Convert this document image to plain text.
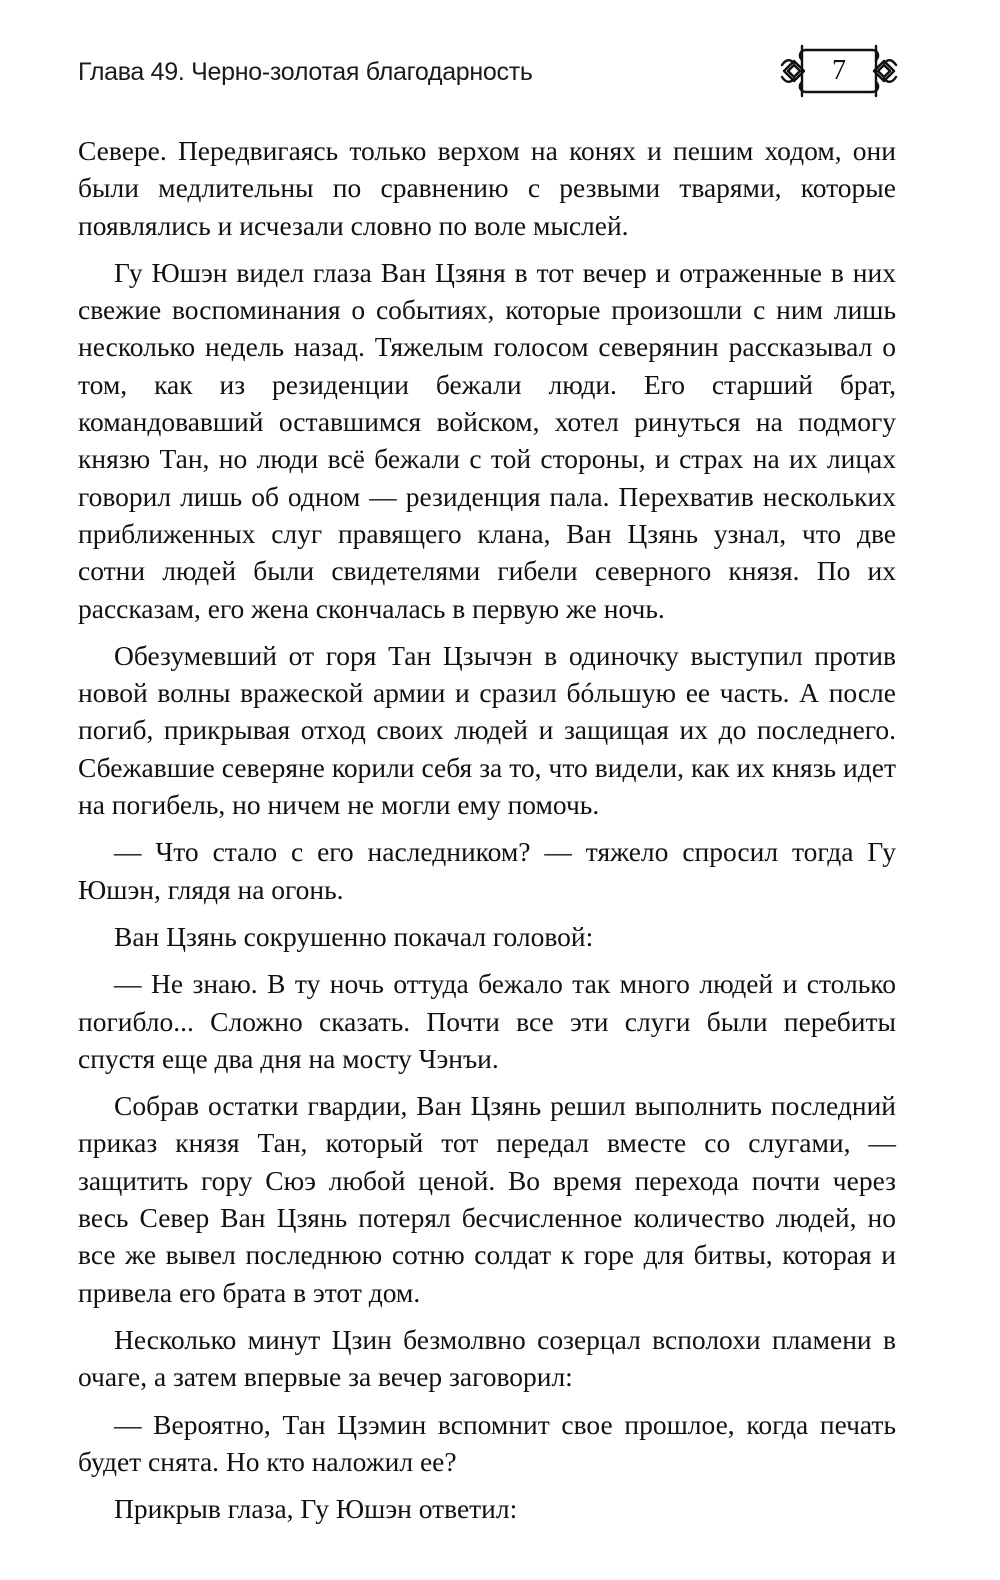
Глава 49. Черно-золотая благодарность	7

Севере. Передвигаясь только верхом на конях и пешим ходом, они были медлительны по сравнению с резвыми тварями, которые появлялись и исчезали словно по воле мыслей.

Гу Юшэн видел глаза Ван Цзяня в тот вечер и отраженные в них свежие воспоминания о событиях, которые произошли с ним лишь несколько недель назад. Тяжелым голосом северянин рассказывал о том, как из резиденции бежали люди. Его старший брат, командовавший оставшимся войском, хотел ринуться на подмогу князю Тан, но люди всё бежали с той стороны, и страх на их лицах говорил лишь об одном — резиденция пала. Перехватив нескольких приближенных слуг правящего клана, Ван Цзянь узнал, что две сотни людей были свидетелями гибели северного князя. По их рассказам, его жена скончалась в первую же ночь.

Обезумевший от горя Тан Цзычэн в одиночку выступил против новой волны вражеской армии и сразил бóльшую ее часть. А после погиб, прикрывая отход своих людей и защищая их до последнего. Сбежавшие северяне корили себя за то, что видели, как их князь идет на погибель, но ничем не могли ему помочь.

— Что стало с его наследником? — тяжело спросил тогда Гу Юшэн, глядя на огонь.

Ван Цзянь сокрушенно покачал головой:

— Не знаю. В ту ночь оттуда бежало так много людей и столько погибло... Сложно сказать. Почти все эти слуги были перебиты спустя еще два дня на мосту Чэнъи.

Собрав остатки гвардии, Ван Цзянь решил выполнить последний приказ князя Тан, который тот передал вместе со слугами, — защитить гору Сюэ любой ценой. Во время перехода почти через весь Север Ван Цзянь потерял бесчисленное количество людей, но все же вывел последнюю сотню солдат к горе для битвы, которая и привела его брата в этот дом.

Несколько минут Цзин безмолвно созерцал всполохи пламени в очаге, а затем впервые за вечер заговорил:

— Вероятно, Тан Цзэмин вспомнит свое прошлое, когда печать будет снята. Но кто наложил ее?

Прикрыв глаза, Гу Юшэн ответил:
